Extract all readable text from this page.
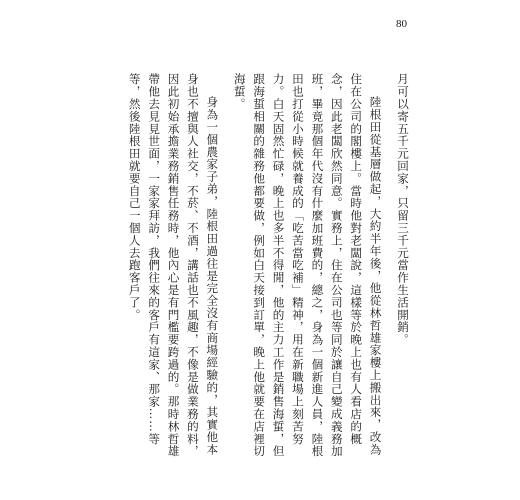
80

月可以寄五千元回家，只留三千元當作生活開銷。

陸根田從基層做起，大約半年後，他從林哲雄家樓上搬出來，改為住在公司的閣樓上。當時他對老闆說，這樣等於晚上也有人看店的概念，因此老闆欣然同意。實務上，住在公司也等同於讓自己變成義務加班，畢竟那個年代沒有什麼加班費的，總之，身為一個新進人員，陸根田也打從小時候就養成的「吃苦當吃補」精神，用在新職場上刻苦努力。白天固然忙碌，晚上也多半不得閒，他的主力工作是銷售海蜇，但跟海蜇相關的雜務他都要做，例如白天接到訂單，晚上他就要在店裡切海蜇。

身為一個農家子弟，陸根田過往是完全沒有商場經驗的，其實他本身也不擅與人社交，不菸、不酒，講話也不風趣，不像是做業務的料，因此初始承擔業務銷售任務時，他內心是有門檻要跨過的。那時林哲雄帶他去見見世面，一家家拜訪，我們往來的客戶有這家、那家……等等，然後陸根田就要自己一個人去跑客戶了。
